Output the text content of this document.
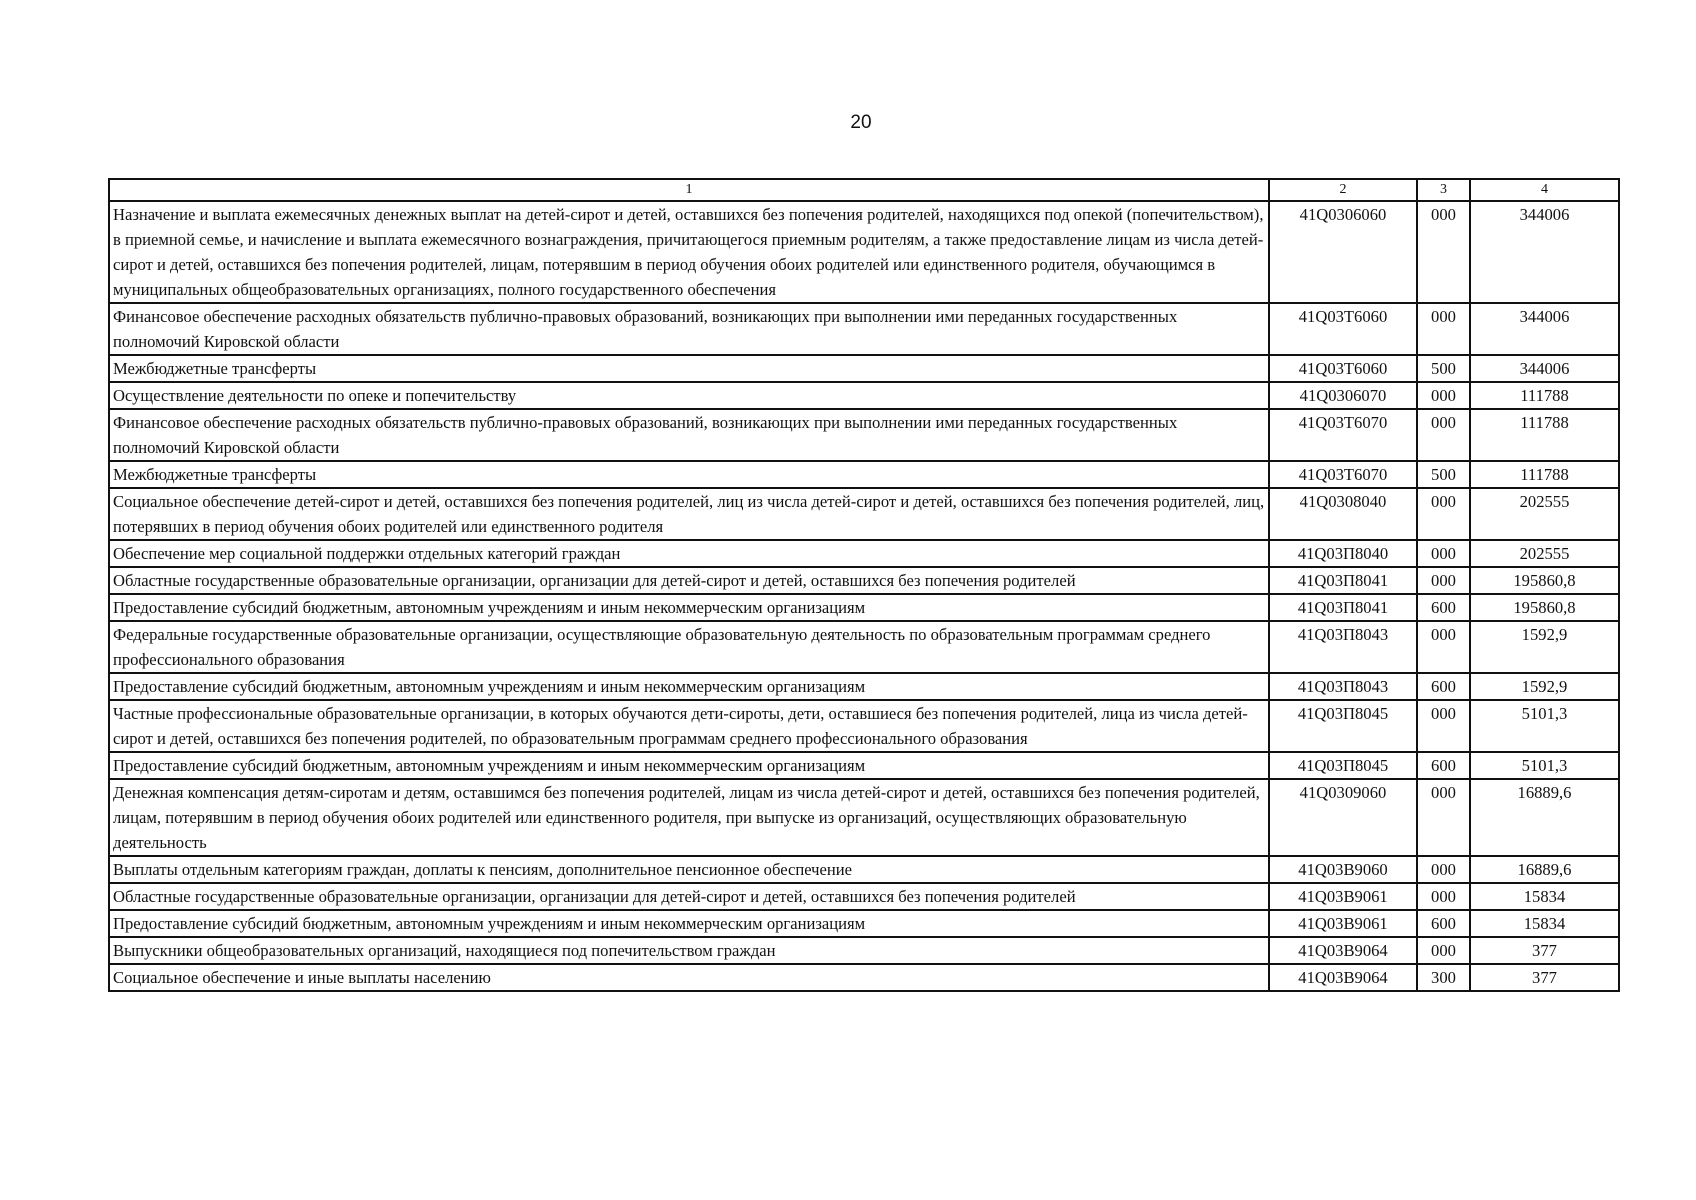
20
1	2	3	4
Назначение и выплата ежемесячных денежных выплат на детей-сирот и детей, оставшихся без попечения родителей, находящихся под опекой (попечительством), в приемной семье, и начисление и выплата ежемесячного вознаграждения, причитающегося приемным родителям, а также предоставление лицам из числа детей-сирот и детей, оставшихся без попечения родителей, лицам, потерявшим в период обучения обоих родителей или единственного родителя, обучающимся в муниципальных общеобразовательных организациях, полного государственного обеспечения	41Q0306060	000	344006
Финансовое обеспечение расходных обязательств публично-правовых образований, возникающих при выполнении ими переданных государственных полномочий Кировской области	41Q03Т6060	000	344006
Межбюджетные трансферты	41Q03Т6060	500	344006
Осуществление деятельности по опеке и попечительству	41Q0306070	000	111788
Финансовое обеспечение расходных обязательств публично-правовых образований, возникающих при выполнении ими переданных государственных полномочий Кировской области	41Q03Т6070	000	111788
Межбюджетные трансферты	41Q03Т6070	500	111788
Социальное обеспечение детей-сирот и детей, оставшихся без попечения родителей, лиц из числа детей-сирот и детей, оставшихся без попечения родителей, лиц, потерявших в период обучения обоих родителей или единственного родителя	41Q0308040	000	202555
Обеспечение мер социальной поддержки отдельных категорий граждан	41Q03П8040	000	202555
Областные государственные образовательные организации, организации для детей-сирот и детей, оставшихся без попечения родителей	41Q03П8041	000	195860,8
Предоставление субсидий бюджетным, автономным учреждениям и иным некоммерческим организациям	41Q03П8041	600	195860,8
Федеральные государственные образовательные организации, осуществляющие образовательную деятельность по образовательным программам среднего профессионального образования	41Q03П8043	000	1592,9
Предоставление субсидий бюджетным, автономным учреждениям и иным некоммерческим организациям	41Q03П8043	600	1592,9
Частные профессиональные образовательные организации, в которых обучаются дети-сироты, дети, оставшиеся без попечения родителей, лица из числа детей-сирот и детей, оставшихся без попечения родителей, по образовательным программам среднего профессионального образования	41Q03П8045	000	5101,3
Предоставление субсидий бюджетным, автономным учреждениям и иным некоммерческим организациям	41Q03П8045	600	5101,3
Денежная компенсация детям-сиротам и детям, оставшимся без попечения родителей, лицам из числа детей-сирот и детей, оставшихся без попечения родителей, лицам, потерявшим в период обучения обоих родителей или единственного родителя, при выпуске из организаций, осуществляющих образовательную деятельность	41Q0309060	000	16889,6
Выплаты отдельным категориям граждан, доплаты к пенсиям, дополнительное пенсионное обеспечение	41Q03В9060	000	16889,6
Областные государственные образовательные организации, организации для детей-сирот и детей, оставшихся без попечения родителей	41Q03В9061	000	15834
Предоставление субсидий бюджетным, автономным учреждениям и иным некоммерческим организациям	41Q03В9061	600	15834
Выпускники общеобразовательных организаций, находящиеся под попечительством граждан	41Q03В9064	000	377
Социальное обеспечение и иные выплаты населению	41Q03В9064	300	377
